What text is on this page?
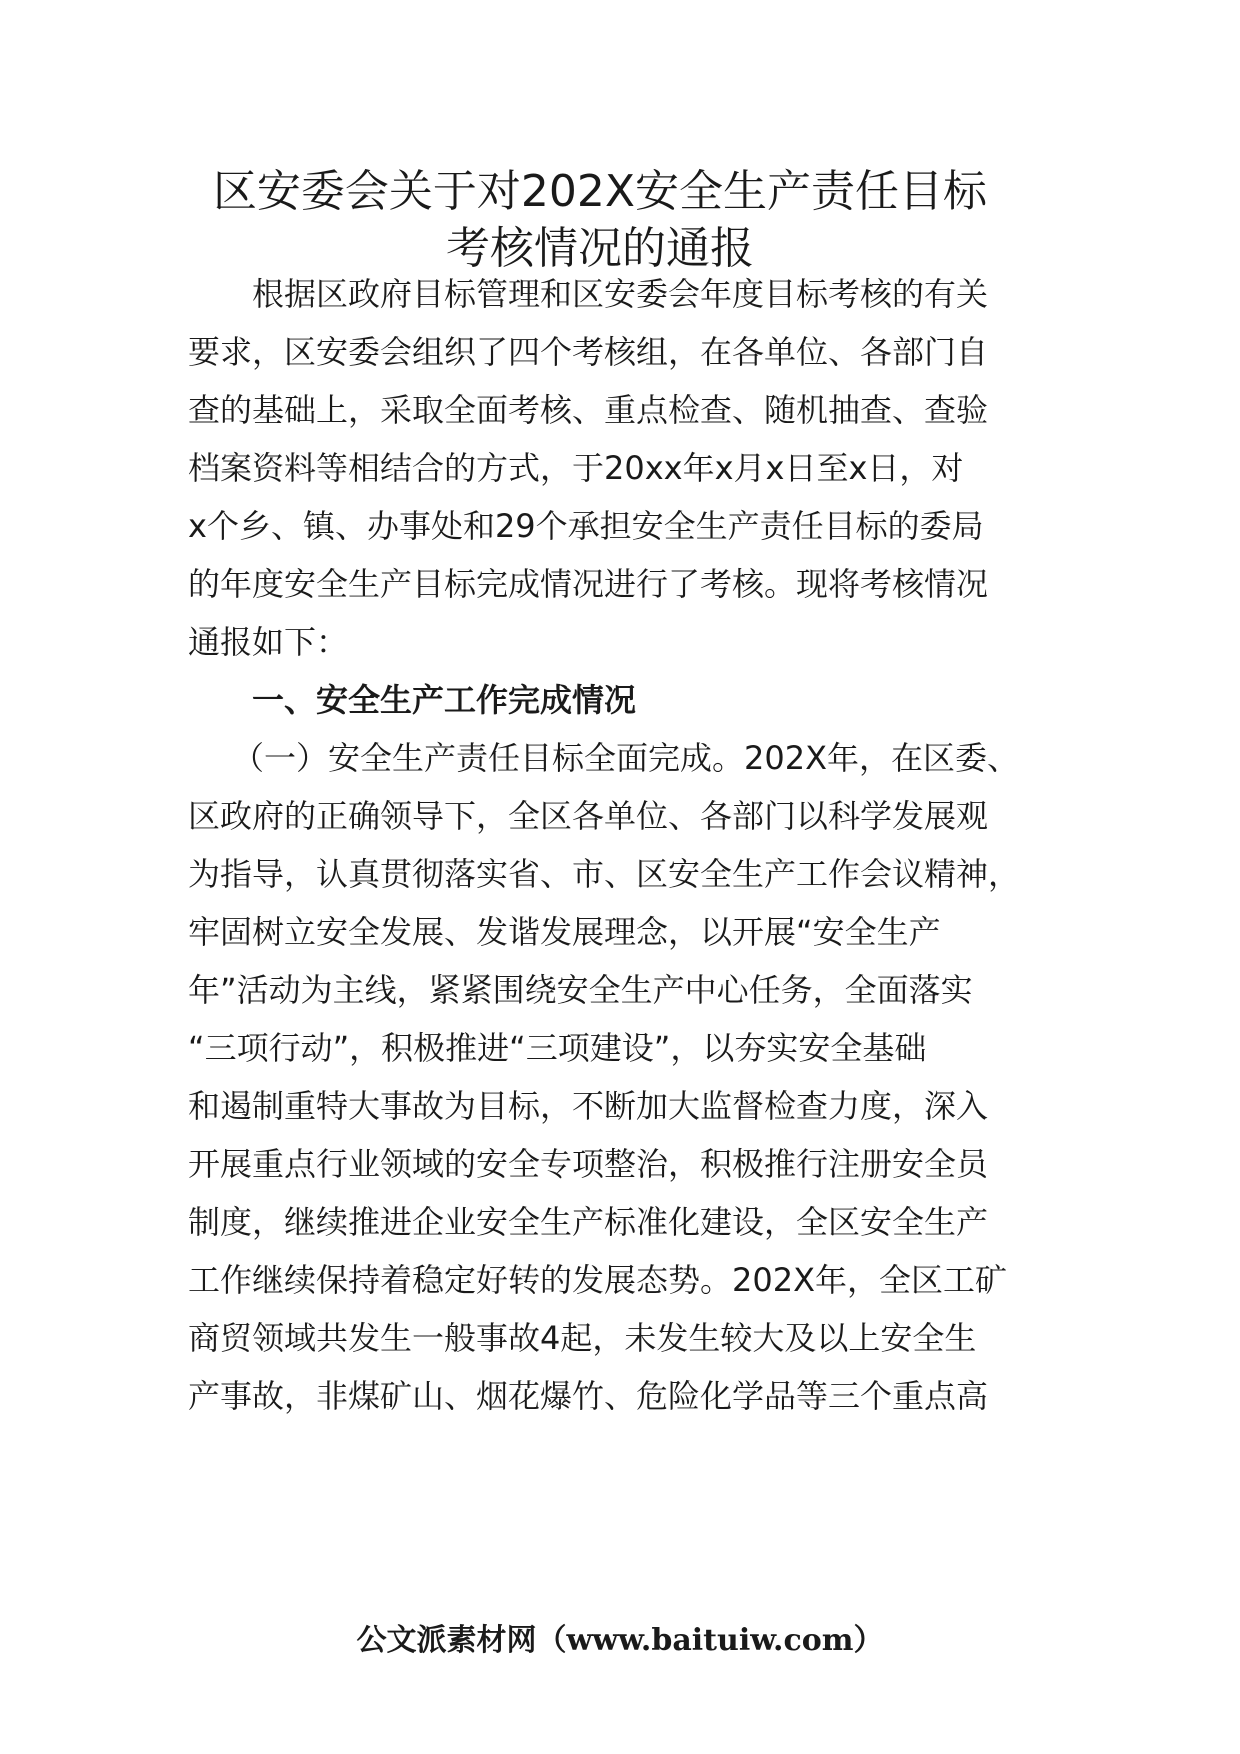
区安委会关于对202X安全生产责任目标
考核情况的通报
根据区政府目标管理和区安委会年度目标考核的有关
要求，区安委会组织了四个考核组，在各单位、各部门自
查的基础上，采取全面考核、重点检查、随机抽查、查验
档案资料等相结合的方式，于20xx年x月x日至x日，对
x个乡、镇、办事处和29个承担安全生产责任目标的委局
的年度安全生产目标完成情况进行了考核。现将考核情况
通报如下：
一、安全生产工作完成情况
（一）安全生产责任目标全面完成。202X年，在区委、
区政府的正确领导下，全区各单位、各部门以科学发展观
为指导，认真贯彻落实省、市、区安全生产工作会议精神，
牢固树立安全发展、发谐发展理念，以开展“安全生产
年”活动为主线，紧紧围绕安全生产中心任务，全面落实
“三项行动”，积极推进“三项建设”，以夯实安全基础
和遏制重特大事故为目标，不断加大监督检查力度，深入
开展重点行业领域的安全专项整治，积极推行注册安全员
制度，继续推进企业安全生产标准化建设，全区安全生产
工作继续保持着稳定好转的发展态势。202X年，全区工矿
商贸领域共发生一般事故4起，未发生较大及以上安全生
产事故，非煤矿山、烟花爆竹、危险化学品等三个重点高
公文派素材网（www.baituiw.com）
